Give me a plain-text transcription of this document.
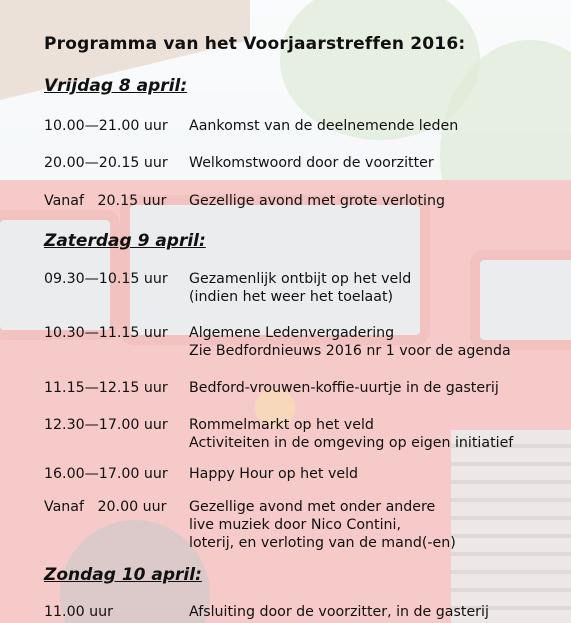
Programma van het Voorjaarstreffen 2016:
Vrijdag 8 april:
10.00—21.00 uur	Aankomst van de deelnemende leden
20.00—20.15 uur	Welkomstwoord door de voorzitter
Vanaf   20.15 uur	Gezellige avond met grote verloting
Zaterdag 9 april:
09.30—10.15 uur	Gezamenlijk ontbijt op het veld
(indien het weer het toelaat)
10.30—11.15 uur	Algemene Ledenvergadering
Zie Bedfordnieuws 2016 nr 1 voor de agenda
11.15—12.15 uur	Bedford-vrouwen-koffie-uurtje in de gasterij
12.30—17.00 uur	Rommelmarkt op het veld
Activiteiten in de omgeving op eigen initiatief
16.00—17.00 uur	Happy Hour op het veld
Vanaf   20.00 uur	Gezellige avond met onder andere
live muziek door Nico Contini,
loterij, en verloting van de mand(-en)
Zondag 10 april:
11.00 uur	Afsluiting door de voorzitter, in de gasterij
